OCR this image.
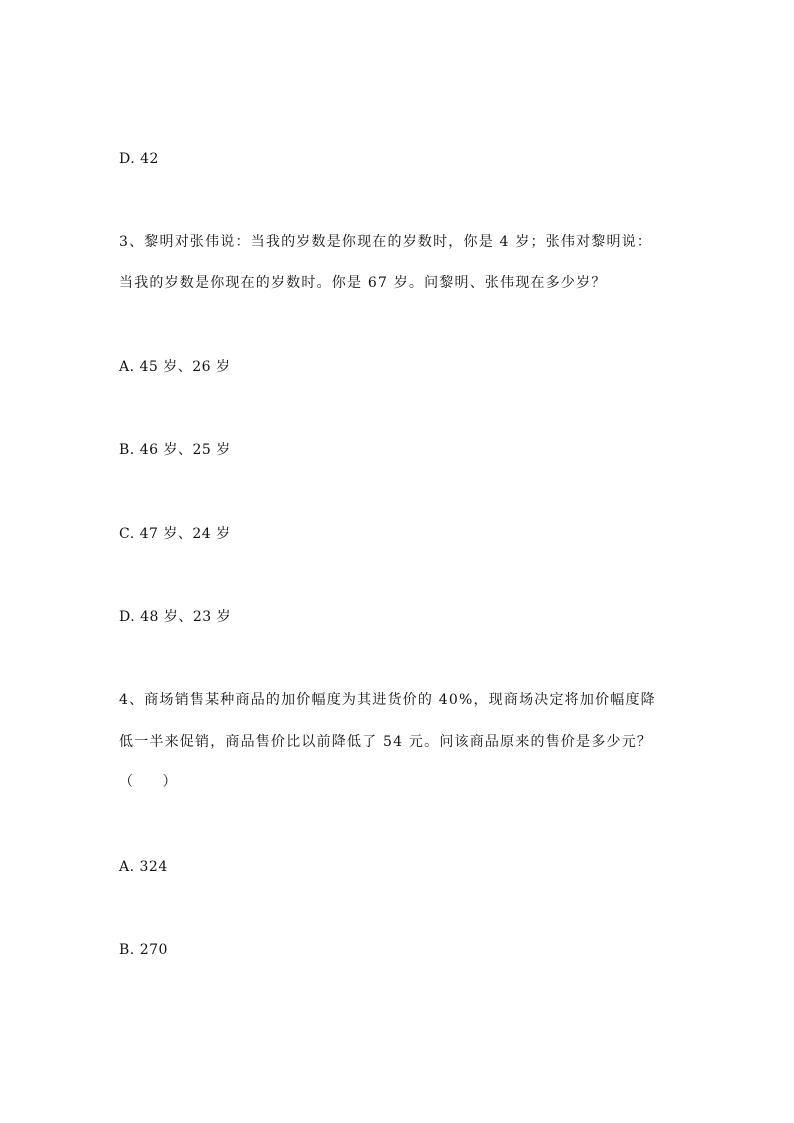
D. 42
3、黎明对张伟说：当我的岁数是你现在的岁数时，你是 4 岁；张伟对黎明说：
当我的岁数是你现在的岁数时。你是 67 岁。问黎明、张伟现在多少岁？
A. 45 岁、26 岁
B. 46 岁、25 岁
C. 47 岁、24 岁
D. 48 岁、23 岁
4、商场销售某种商品的加价幅度为其进货价的 40%，现商场决定将加价幅度降
低一半来促销，商品售价比以前降低了 54 元。问该商品原来的售价是多少元？
（　　）
A. 324
B. 270
